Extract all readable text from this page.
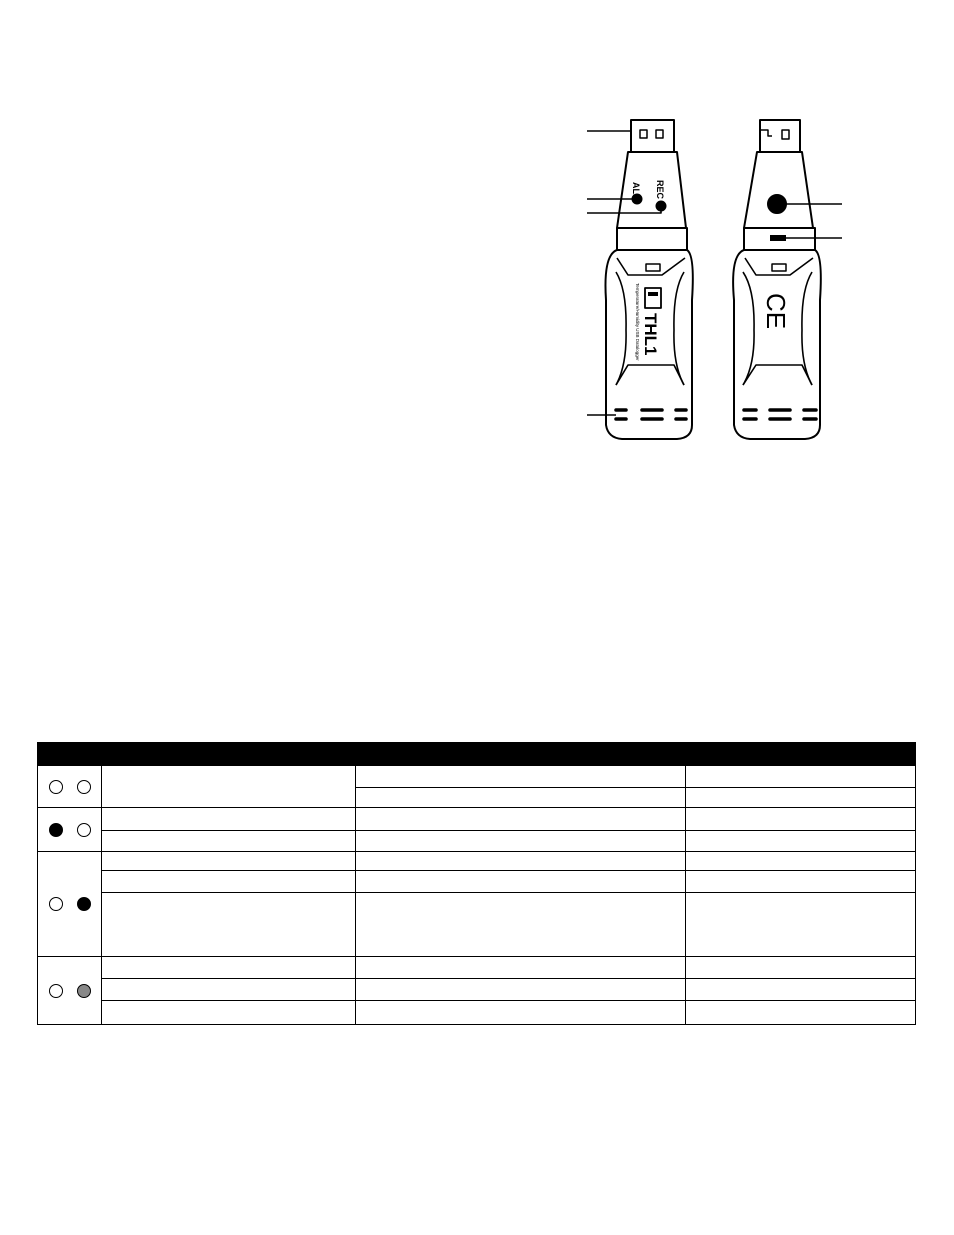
ALM REC
THL1
Temperature/Humidity USB Datalogger	CE
